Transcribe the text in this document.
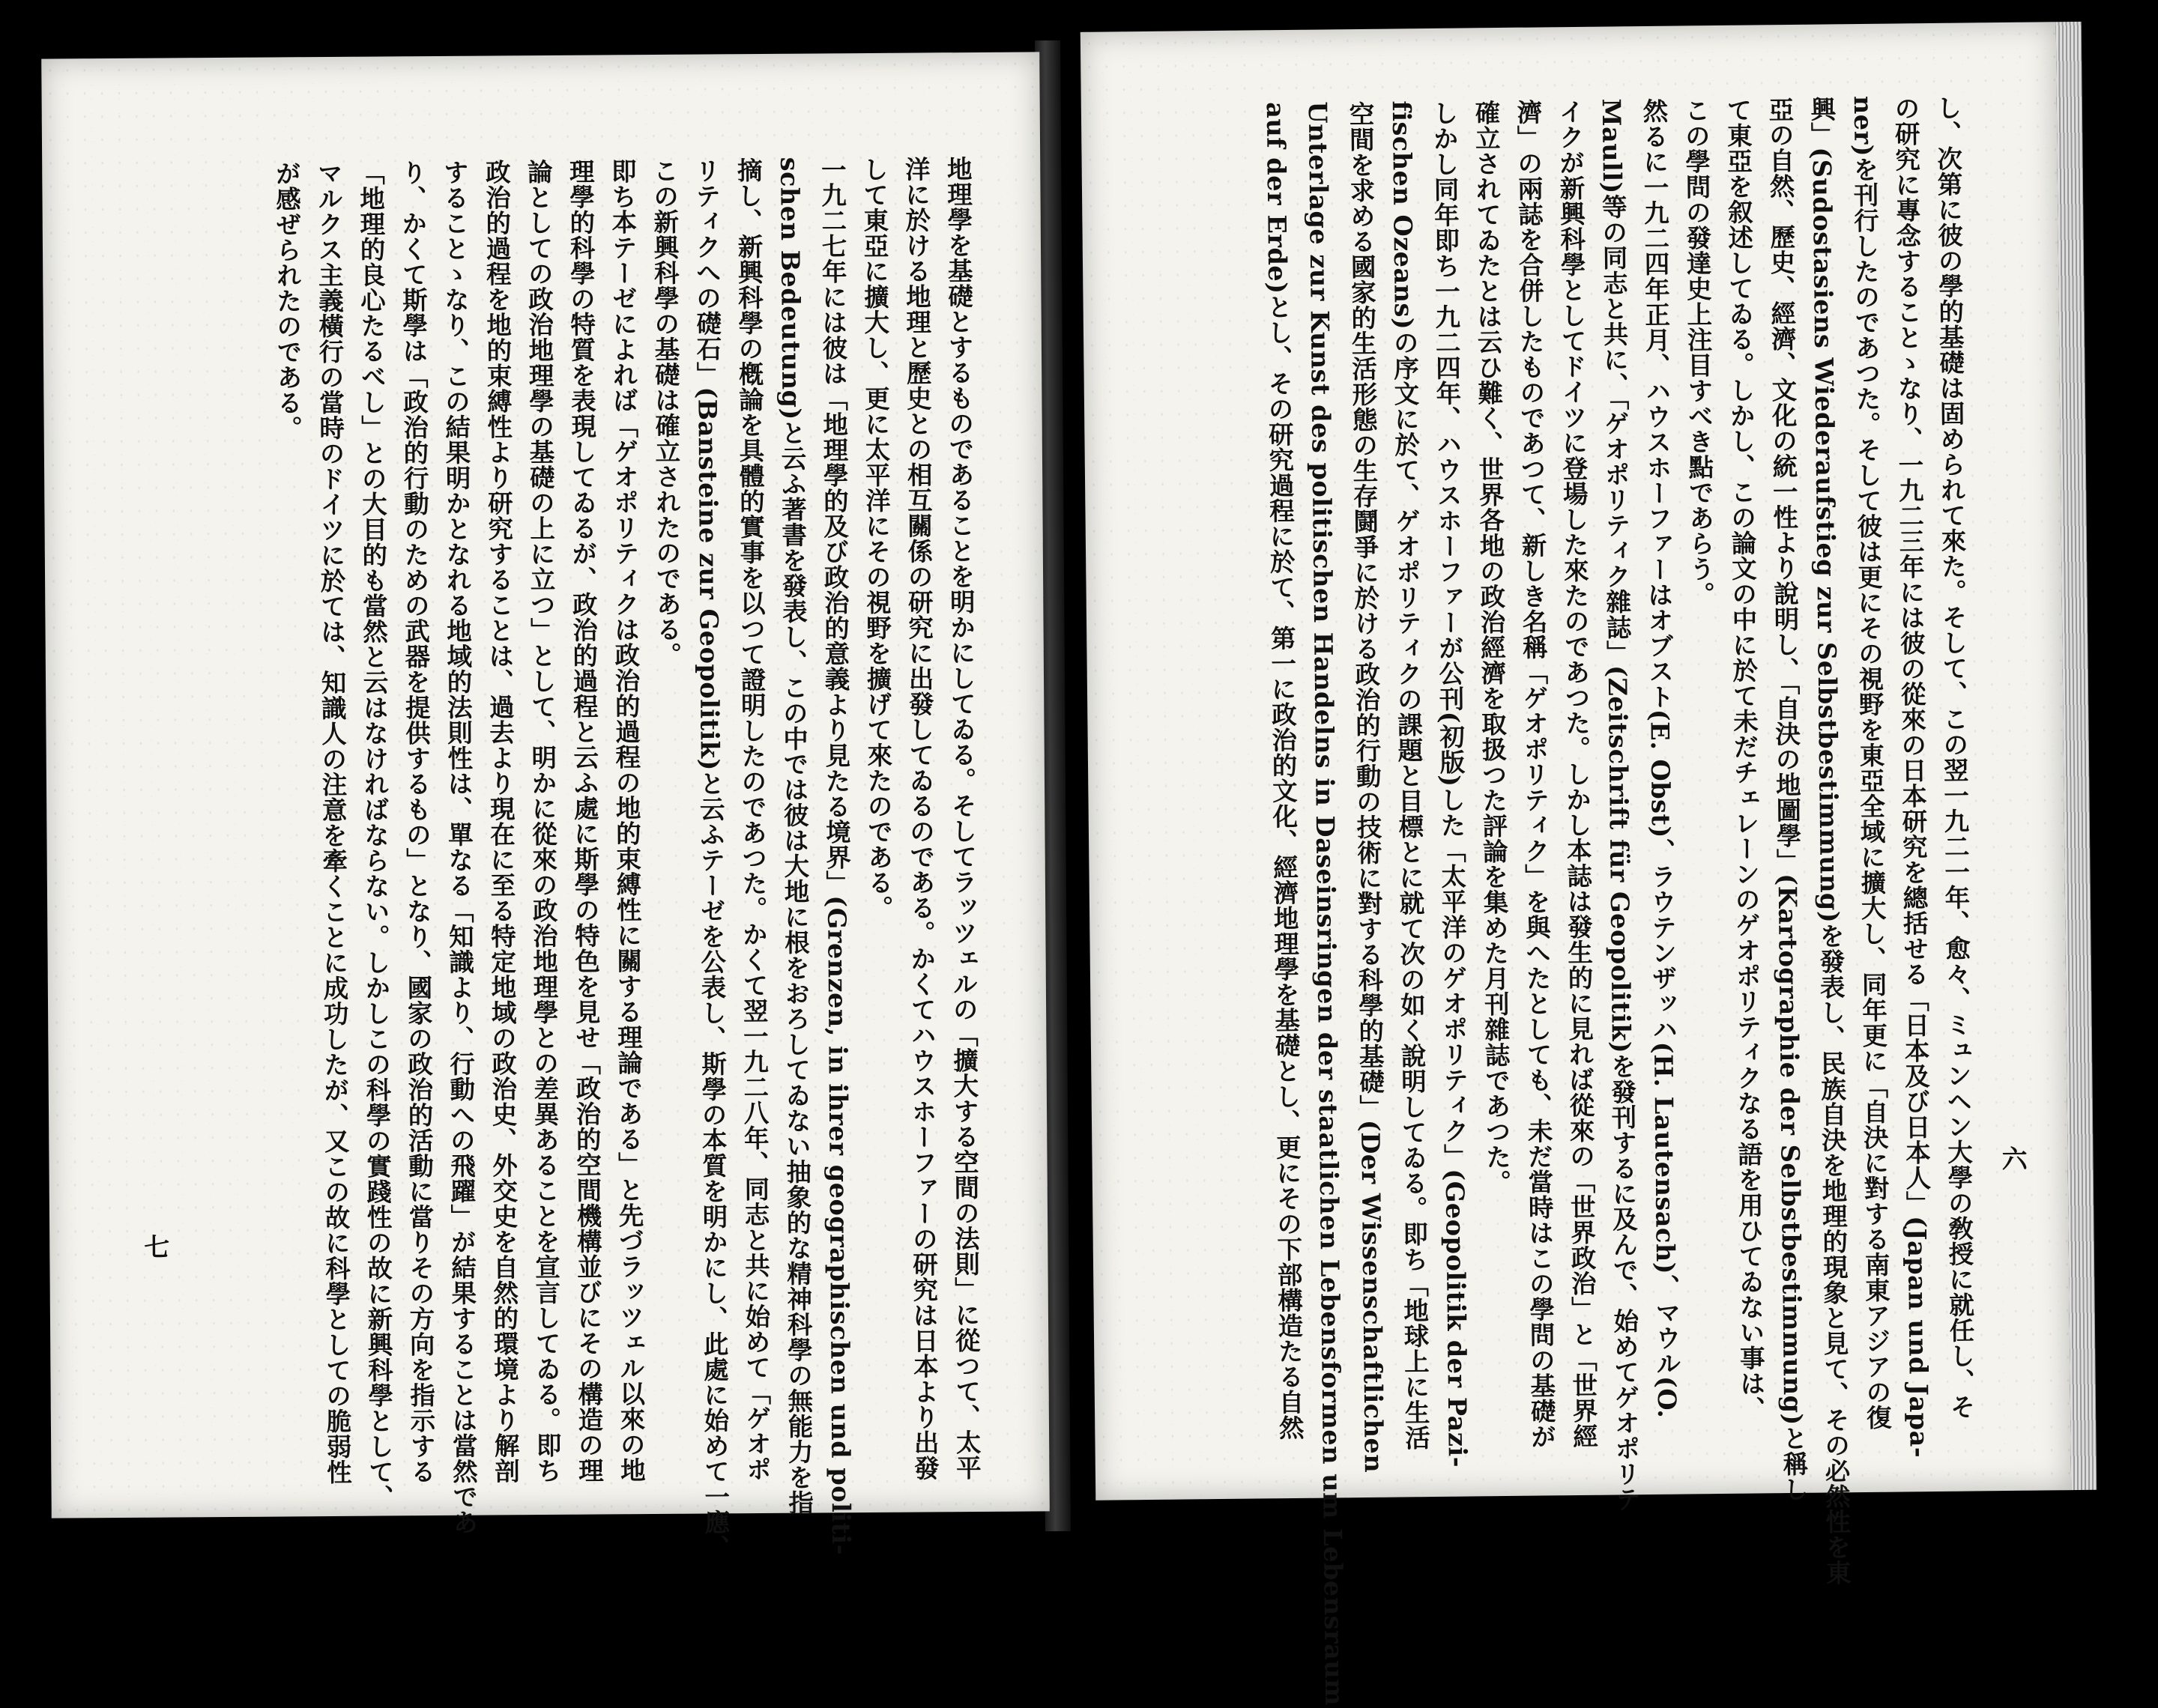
六
し、次第に彼の學的基礎は固められて來た。そして、この翌一九二一年、愈々、ミュンヘン大學の敎授に就任し、そ
の研究に專念することゝなり、一九二三年には彼の從來の日本研究を總括せる「日本及び日本人」(Japan und Japa-
ner)を刊行したのであつた。そして彼は更にその視野を東亞全域に擴大し、同年更に「自決に對する南東アジアの復
興」(Sudostasiens Wiederaufstieg zur Selbstbestimmung)を發表し、民族自決を地理的現象と見て、その必然性を東
亞の自然、歷史、經濟、文化の統一性より說明し、「自決の地圖學」(Kartographie der Selbstbestimmung)と稱し
て東亞を叙述してゐる。しかし、この論文の中に於て未だチェレーンのゲオポリティクなる語を用ひてゐない事は、
この學問の發達史上注目すべき點であらう。
然るに一九二四年正月、ハウスホーファーはオブスト(E. Obst)、ラウテンザッハ(H. Lautensach)、マウル(O.
Maull)等の同志と共に、「ゲオポリティク雜誌」(Zeitschrift für Geopolitik)を發刊するに及んで、始めてゲオポリテ
イクが新興科學としてドイツに登場した來たのであつた。しかし本誌は發生的に見れば從來の「世界政治」と「世界經
濟」の兩誌を合併したものであつて、新しき名稱「ゲオポリティク」を與へたとしても、未だ當時はこの學問の基礎が
確立されてゐたとは云ひ難く、世界各地の政治經濟を取扱つた評論を集めた月刊雜誌であつた。
しかし同年即ち一九二四年、ハウスホーファーが公刊(初版)した「太平洋のゲオポリティク」(Geopolitik der Pazi-
fischen Ozeans)の序文に於て、ゲオポリティクの課題と目標とに就て次の如く說明してゐる。即ち「地球上に生活
空間を求める國家的生活形態の生存鬪爭に於ける政治的行動の技術に對する科學的基礎」(Der Wissenschaftlichen
Unterlage zur Kunst des politischen Handelns in Daseinsringen der staatlichen Lebensformen um Lebensraum
auf der Erde)とし、その研究過程に於て、第一に政治的文化、經濟地理學を基礎とし、更にその下部構造たる自然
七	地理學を基礎とするものであることを明かにしてゐる。そしてラッツェルの「擴大する空間の法則」に從つて、太平
洋に於ける地理と歷史との相互關係の研究に出發してゐるのである。かくてハウスホーファーの研究は日本より出發
して東亞に擴大し、更に太平洋にその視野を擴げて來たのである。
一九二七年には彼は「地理學的及び政治的意義より見たる境界」(Grenzen, in ihrer geographischen und politi-
schen Bedeutung)と云ふ著書を發表し、この中では彼は大地に根をおろしてゐない抽象的な精神科學の無能力を指
摘し、新興科學の槪論を具體的實事を以つて證明したのであつた。かくて翌一九二八年、同志と共に始めて「ゲオポ
リティクへの礎石」(Bansteine zur Geopolitik)と云ふテーゼを公表し、斯學の本質を明かにし、此處に始めて一應、
この新興科學の基礎は確立されたのである。
即ち本テーゼによれば「ゲオポリティクは政治的過程の地的束縛性に關する理論である」と先づラッツェル以來の地
理學的科學の特質を表現してゐるが、政治的過程と云ふ處に斯學の特色を見せ「政治的空間機構並びにその構造の理
論としての政治地理學の基礎の上に立つ」として、明かに從來の政治地理學との差異あることを宣言してゐる。即ち
政治的過程を地的束縛性より研究することは、過去より現在に至る特定地域の政治史、外交史を自然的環境より解剖
することゝなり、この結果明かとなれる地域的法則性は、單なる「知識より、行動への飛躍」が結果することは當然であ
り、かくて斯學は「政治的行動のための武器を提供するもの」となり、國家の政治的活動に當りその方向を指示する
「地理的良心たるべし」との大目的も當然と云はなければならない。しかしこの科學の實踐性の故に新興科學として、
マルクス主義橫行の當時のドイツに於ては、知識人の注意を牽くことに成功したが、又この故に科學としての脆弱性
が感ぜられたのである。
